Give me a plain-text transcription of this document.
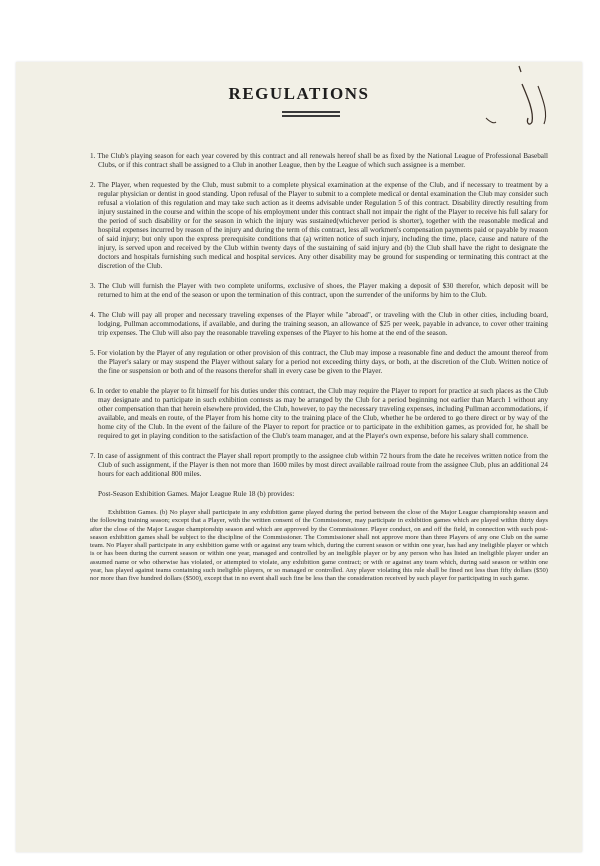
REGULATIONS

1. The Club's playing season for each year covered by this contract and all renewals hereof shall be as fixed by the National League of Professional Baseball Clubs, or if this contract shall be assigned to a Club in another League, then by the League of which such assignee is a member.

2. The Player, when requested by the Club, must submit to a complete physical examination at the expense of the Club, and if necessary to treatment by a regular physician or dentist in good standing. Upon refusal of the Player to submit to a complete medical or dental examination the Club may consider such refusal a violation of this regulation and may take such action as it deems advisable under Regulation 5 of this contract. Disability directly resulting from injury sustained in the course and within the scope of his employment under this contract shall not impair the right of the Player to receive his full salary for the period of such disability or for the season in which the injury was sustained(whichever period is shorter), together with the reasonable medical and hospital expenses incurred by reason of the injury and during the term of this contract, less all workmen's compensation payments paid or payable by reason of said injury; but only upon the express prerequisite conditions that (a) written notice of such injury, including the time, place, cause and nature of the injury, is served upon and received by the Club within twenty days of the sustaining of said injury and (b) the Club shall have the right to designate the doctors and hospitals furnishing such medical and hospital services. Any other disability may be ground for suspending or terminating this contract at the discretion of the Club.

3. The Club will furnish the Player with two complete uniforms, exclusive of shoes, the Player making a deposit of $30 therefor, which deposit will be returned to him at the end of the season or upon the termination of this contract, upon the surrender of the uniforms by him to the Club.

4. The Club will pay all proper and necessary traveling expenses of the Player while "abroad", or traveling with the Club in other cities, including board, lodging, Pullman accommodations, if available, and during the training season, an allowance of $25 per week, payable in advance, to cover other training trip expenses. The Club will also pay the reasonable traveling expenses of the Player to his home at the end of the season.

5. For violation by the Player of any regulation or other provision of this contract, the Club may impose a reasonable fine and deduct the amount thereof from the Player's salary or may suspend the Player without salary for a period not exceeding thirty days, or both, at the discretion of the Club. Written notice of the fine or suspension or both and of the reasons therefor shall in every case be given to the Player.

6. In order to enable the player to fit himself for his duties under this contract, the Club may require the Player to report for practice at such places as the Club may designate and to participate in such exhibition contests as may be arranged by the Club for a period beginning not earlier than March 1 without any other compensation than that herein elsewhere provided, the Club, however, to pay the necessary traveling expenses, including Pullman accommodations, if available, and meals en route, of the Player from his home city to the training place of the Club, whether he be ordered to go there direct or by way of the home city of the Club. In the event of the failure of the Player to report for practice or to participate in the exhibition games, as provided for, he shall be required to get in playing condition to the satisfaction of the Club's team manager, and at the Player's own expense, before his salary shall commence.

7. In case of assignment of this contract the Player shall report promptly to the assignee club within 72 hours from the date he receives written notice from the Club of such assignment, if the Player is then not more than 1600 miles by most direct available railroad route from the assignee Club, plus an additional 24 hours for each additional 800 miles.

Post-Season Exhibition Games. Major League Rule 18 (b) provides:

Exhibition Games. (b) No player shall participate in any exhibition game played during the period between the close of the Major League championship season and the following training season; except that a Player, with the written consent of the Commissioner, may participate in exhibition games which are played within thirty days after the close of the Major League championship season and which are approved by the Commissioner. Player conduct, on and off the field, in connection with such post-season exhibition games shall be subject to the discipline of the Commissioner. The Commissioner shall not approve more than three Players of any one Club on the same team. No Player shall participate in any exhibition game with or against any team which, during the current season or within one year, has had any ineligible player or which is or has been during the current season or within one year, managed and controlled by an ineligible player or by any person who has listed an ineligible player under an assumed name or who otherwise has violated, or attempted to violate, any exhibition game contract; or with or against any team which, during said season or within one year, has played against teams containing such ineligible players, or so managed or controlled. Any player violating this rule shall be fined not less than fifty dollars ($50) nor more than five hundred dollars ($500), except that in no event shall such fine be less than the consideration received by such player for participating in such game.
